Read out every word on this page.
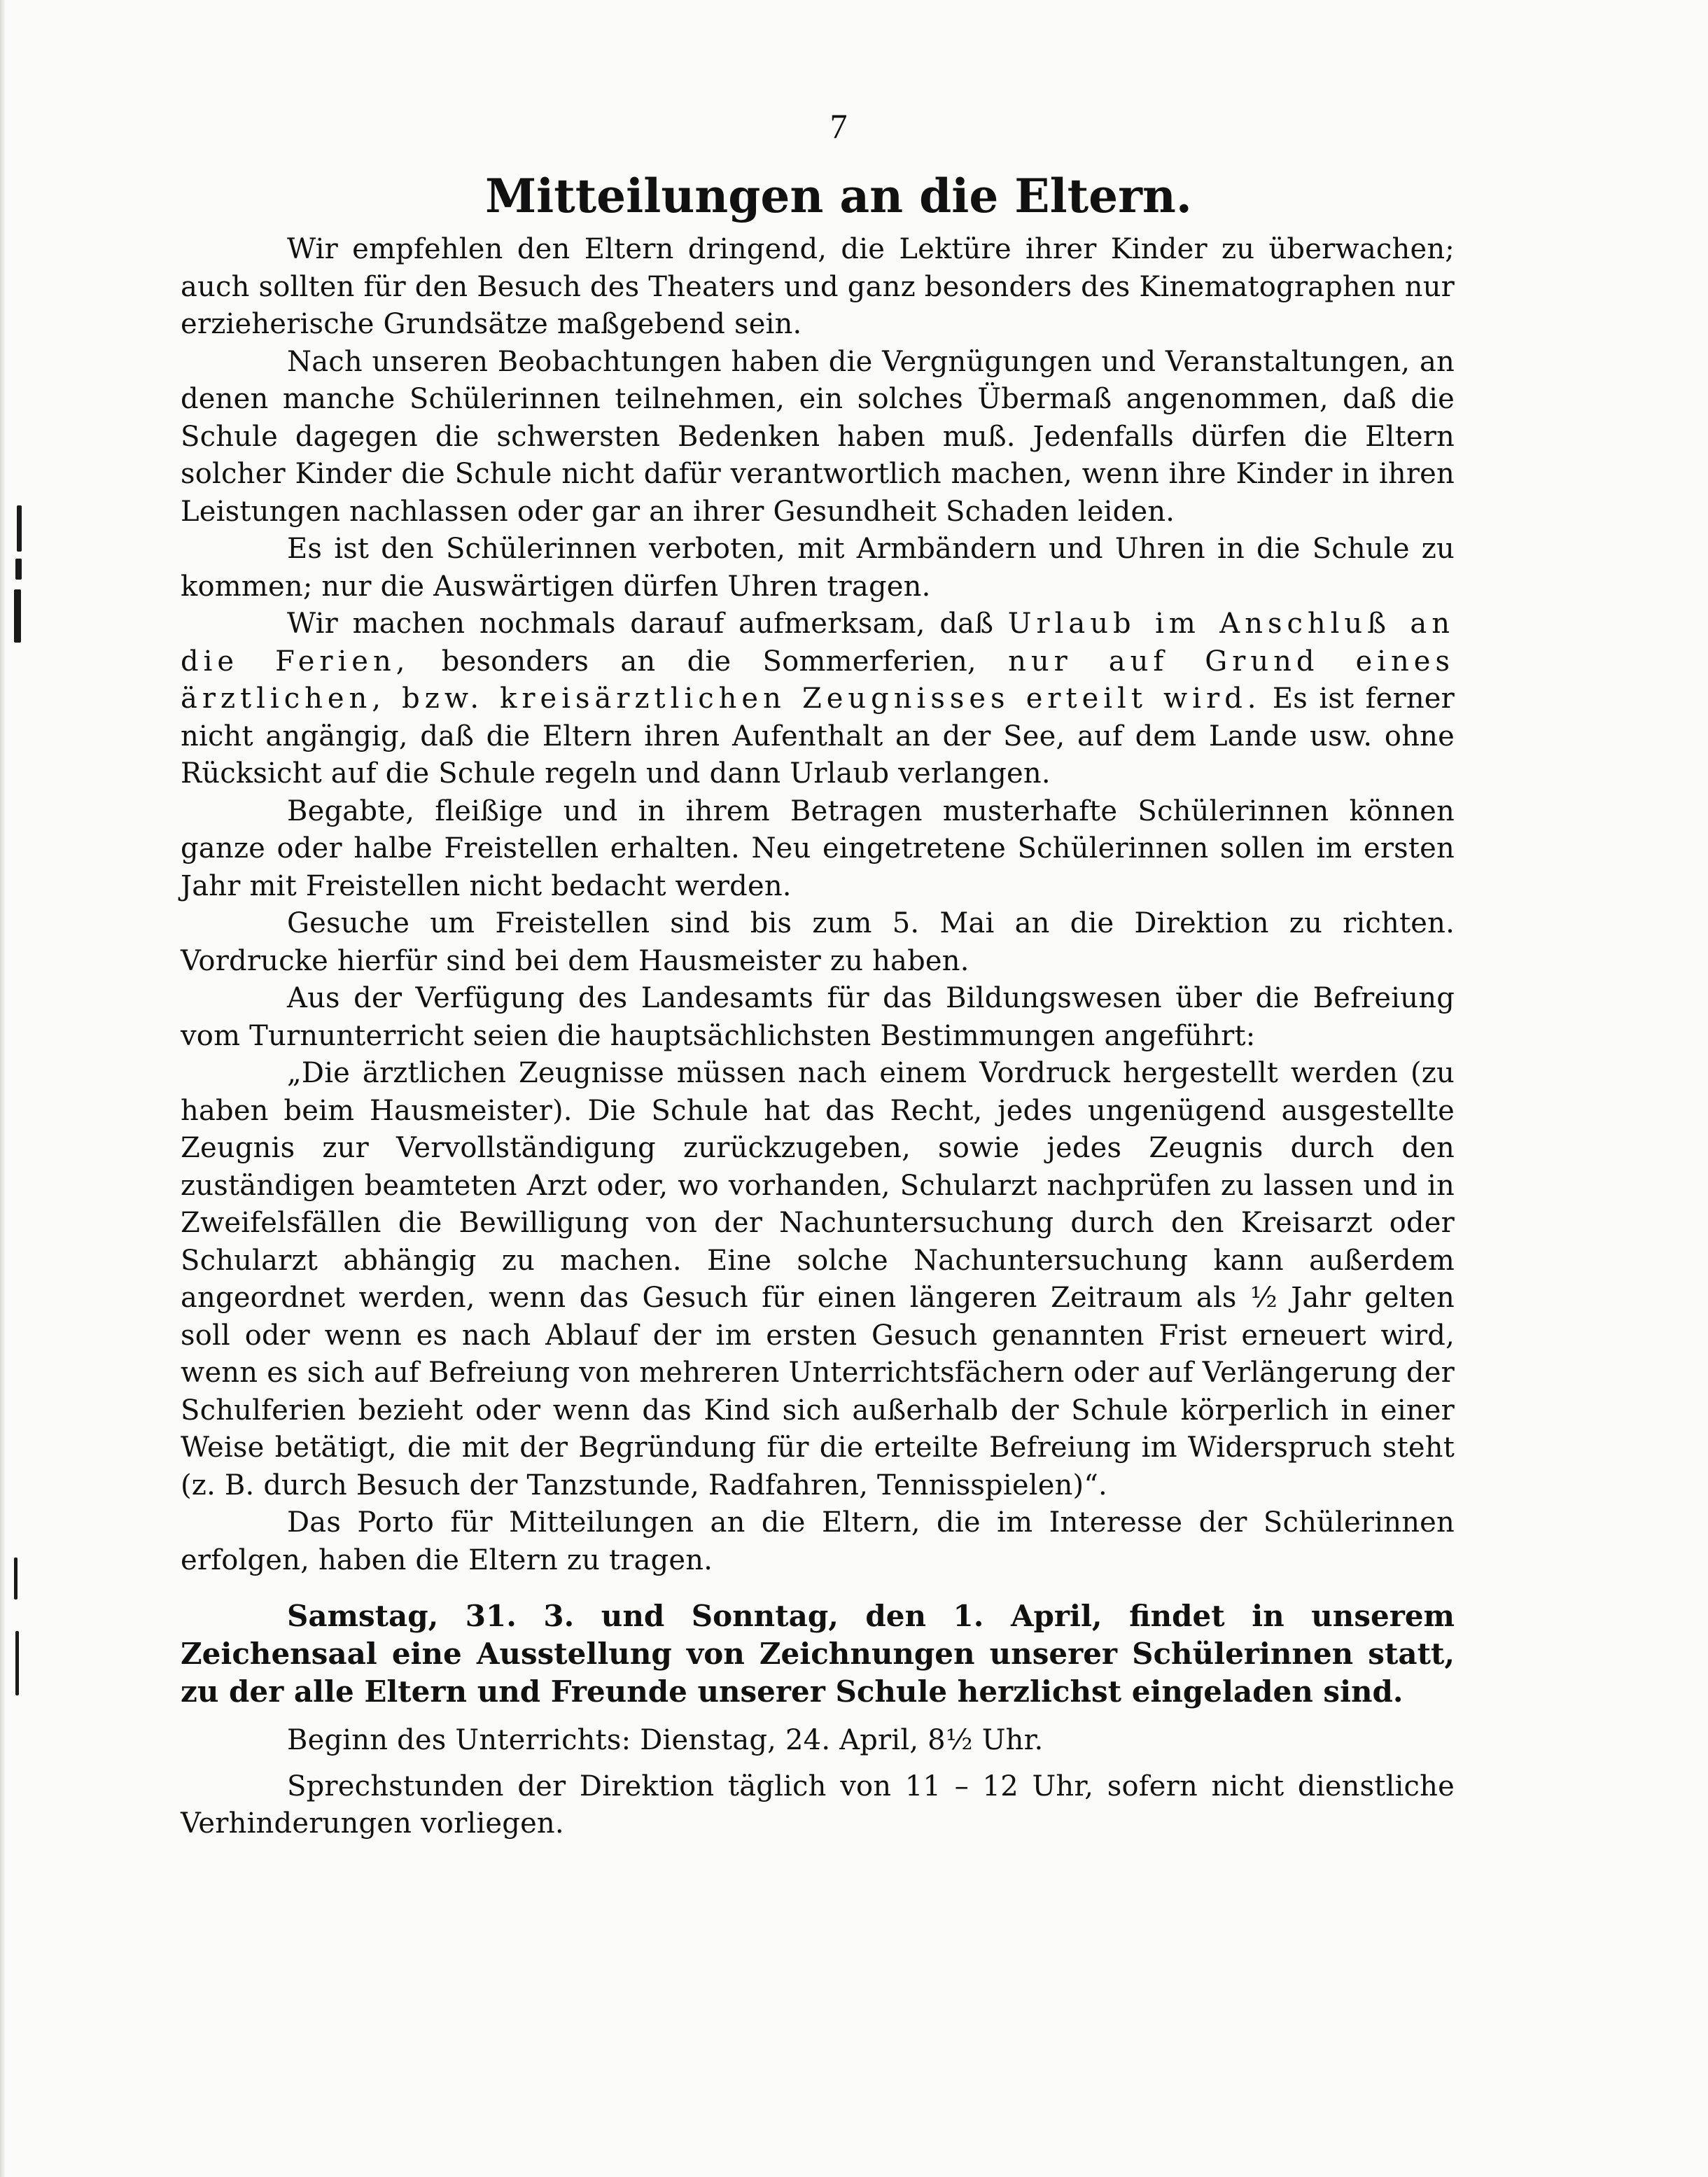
7
Mitteilungen an die Eltern.

Wir empfehlen den Eltern dringend, die Lektüre ihrer Kinder zu überwachen; auch sollten für den Besuch des Theaters und ganz besonders des Kinematographen nur erzieherische Grundsätze maßgebend sein.

Nach unseren Beobachtungen haben die Vergnügungen und Veranstaltungen, an denen manche Schülerinnen teilnehmen, ein solches Übermaß angenommen, daß die Schule dagegen die schwersten Bedenken haben muß. Jedenfalls dürfen die Eltern solcher Kinder die Schule nicht dafür verantwortlich machen, wenn ihre Kinder in ihren Leistungen nachlassen oder gar an ihrer Gesundheit Schaden leiden.

Es ist den Schülerinnen verboten, mit Armbändern und Uhren in die Schule zu kommen; nur die Auswärtigen dürfen Uhren tragen.

Wir machen nochmals darauf aufmerksam, daß Urlaub im Anschluß an die Ferien, besonders an die Sommerferien, nur auf Grund eines ärztlichen, bzw. kreisärztlichen Zeugnisses erteilt wird. Es ist ferner nicht angängig, daß die Eltern ihren Aufenthalt an der See, auf dem Lande usw. ohne Rücksicht auf die Schule regeln und dann Urlaub verlangen.

Begabte, fleißige und in ihrem Betragen musterhafte Schülerinnen können ganze oder halbe Freistellen erhalten. Neu eingetretene Schülerinnen sollen im ersten Jahr mit Freistellen nicht bedacht werden.

Gesuche um Freistellen sind bis zum 5. Mai an die Direktion zu richten. Vordrucke hierfür sind bei dem Hausmeister zu haben.

Aus der Verfügung des Landesamts für das Bildungswesen über die Befreiung vom Turnunterricht seien die hauptsächlichsten Bestimmungen angeführt:

„Die ärztlichen Zeugnisse müssen nach einem Vordruck hergestellt werden (zu haben beim Hausmeister). Die Schule hat das Recht, jedes ungenügend ausgestellte Zeugnis zur Vervollständigung zurückzugeben, sowie jedes Zeugnis durch den zuständigen beamteten Arzt oder, wo vorhanden, Schularzt nachprüfen zu lassen und in Zweifelsfällen die Bewilligung von der Nachuntersuchung durch den Kreisarzt oder Schularzt abhängig zu machen. Eine solche Nachuntersuchung kann außerdem angeordnet werden, wenn das Gesuch für einen längeren Zeitraum als ½ Jahr gelten soll oder wenn es nach Ablauf der im ersten Gesuch genannten Frist erneuert wird, wenn es sich auf Befreiung von mehreren Unterrichtsfächern oder auf Verlängerung der Schulferien bezieht oder wenn das Kind sich außerhalb der Schule körperlich in einer Weise betätigt, die mit der Begründung für die erteilte Befreiung im Widerspruch steht (z. B. durch Besuch der Tanzstunde, Radfahren, Tennisspielen)“.

Das Porto für Mitteilungen an die Eltern, die im Interesse der Schülerinnen erfolgen, haben die Eltern zu tragen.

Samstag, 31. 3. und Sonntag, den 1. April, findet in unserem Zeichensaal eine Ausstellung von Zeichnungen unserer Schülerinnen statt, zu der alle Eltern und Freunde unserer Schule herzlichst eingeladen sind.

Beginn des Unterrichts: Dienstag, 24. April, 8½ Uhr.

Sprechstunden der Direktion täglich von 11 – 12 Uhr, sofern nicht dienstliche Verhinderungen vorliegen.
